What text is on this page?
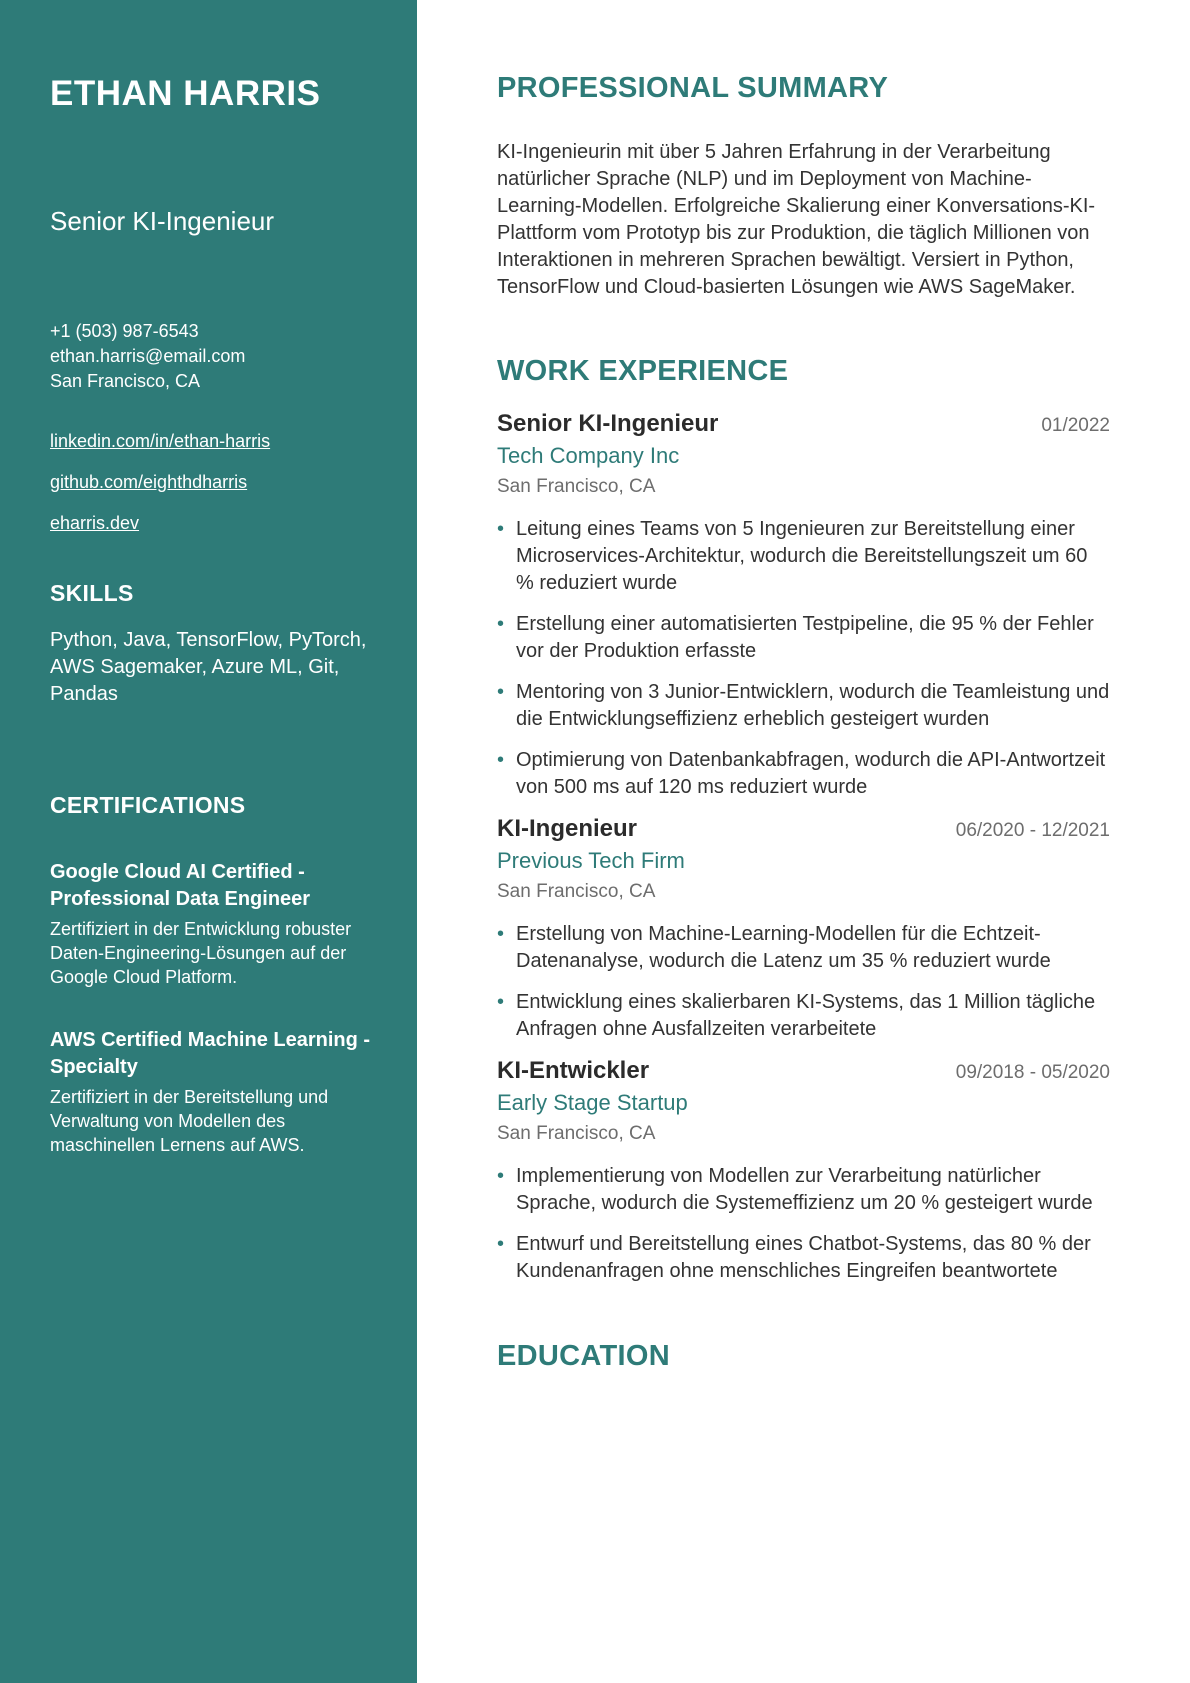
ETHAN HARRIS
Senior KI-Ingenieur
+1 (503) 987-6543
ethan.harris@email.com
San Francisco, CA
linkedin.com/in/ethan-harris
github.com/eighthdharris
eharris.dev
SKILLS
Python, Java, TensorFlow, PyTorch, AWS Sagemaker, Azure ML, Git, Pandas
CERTIFICATIONS
Google Cloud AI Certified - Professional Data Engineer
Zertifiziert in der Entwicklung robuster Daten-Engineering-Lösungen auf der Google Cloud Platform.
AWS Certified Machine Learning - Specialty
Zertifiziert in der Bereitstellung und Verwaltung von Modellen des maschinellen Lernens auf AWS.
PROFESSIONAL SUMMARY

KI-Ingenieurin mit über 5 Jahren Erfahrung in der Verarbeitung natürlicher Sprache (NLP) und im Deployment von Machine-Learning-Modellen. Erfolgreiche Skalierung einer Konversations-KI-Plattform vom Prototyp bis zur Produktion, die täglich Millionen von Interaktionen in mehreren Sprachen bewältigt. Versiert in Python, TensorFlow und Cloud-basierten Lösungen wie AWS SageMaker.

WORK EXPERIENCE
Senior KI-Ingenieur	01/2022
Tech Company Inc
San Francisco, CA
• Leitung eines Teams von 5 Ingenieuren zur Bereitstellung einer Microservices-Architektur, wodurch die Bereitstellungszeit um 60 % reduziert wurde
• Erstellung einer automatisierten Testpipeline, die 95 % der Fehler vor der Produktion erfasste
• Mentoring von 3 Junior-Entwicklern, wodurch die Teamleistung und die Entwicklungseffizienz erheblich gesteigert wurden
• Optimierung von Datenbankabfragen, wodurch die API-Antwortzeit von 500 ms auf 120 ms reduziert wurde
KI-Ingenieur	06/2020 - 12/2021
Previous Tech Firm
San Francisco, CA
• Erstellung von Machine-Learning-Modellen für die Echtzeit-Datenanalyse, wodurch die Latenz um 35 % reduziert wurde
• Entwicklung eines skalierbaren KI-Systems, das 1 Million tägliche Anfragen ohne Ausfallzeiten verarbeitete
KI-Entwickler	09/2018 - 05/2020
Early Stage Startup
San Francisco, CA
• Implementierung von Modellen zur Verarbeitung natürlicher Sprache, wodurch die Systemeffizienz um 20 % gesteigert wurde
• Entwurf und Bereitstellung eines Chatbot-Systems, das 80 % der Kundenanfragen ohne menschliches Eingreifen beantwortete
EDUCATION
